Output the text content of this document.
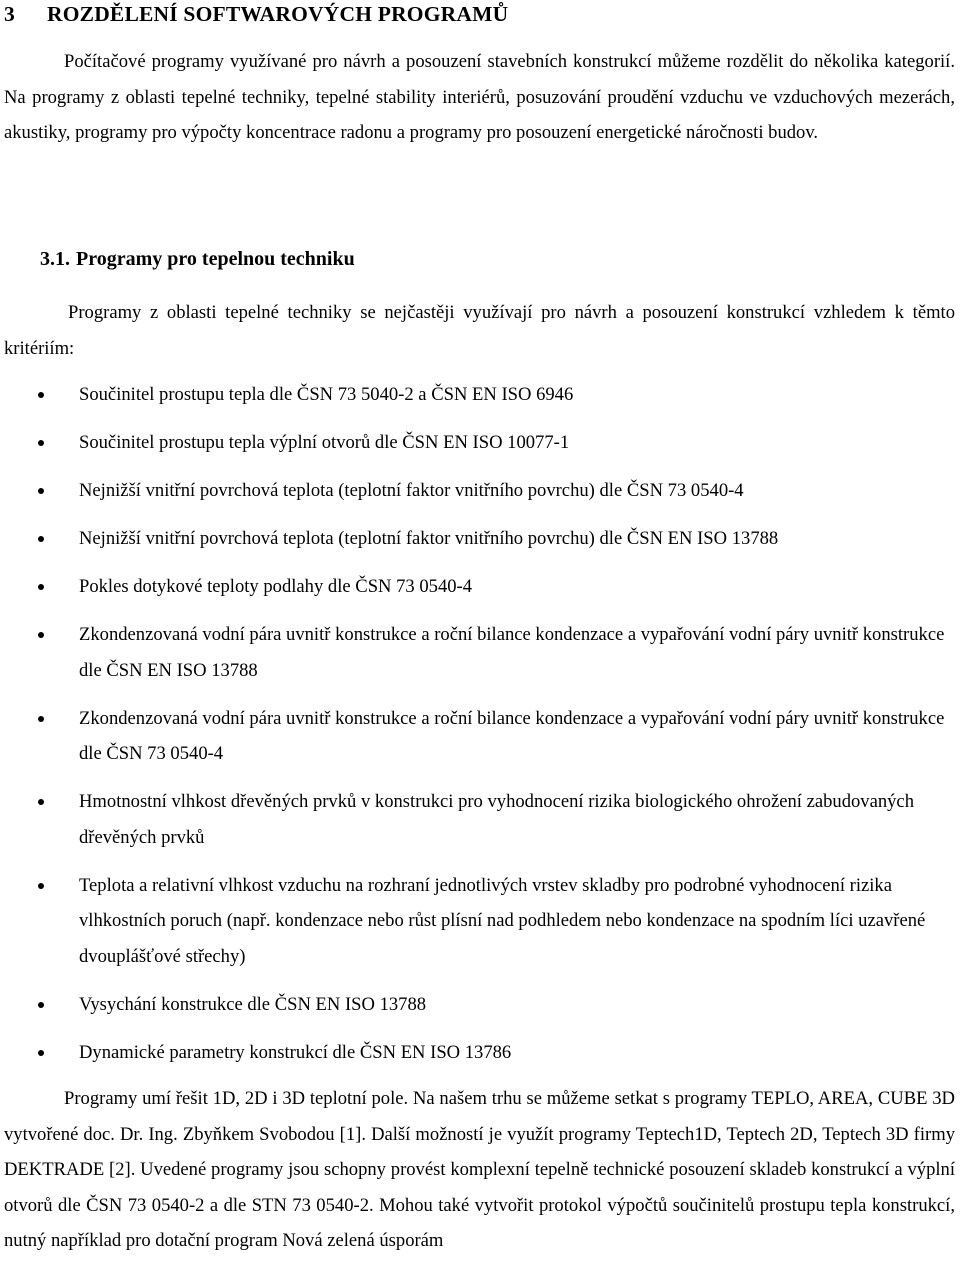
3 ROZDĚLENÍ SOFTWAROVÝCH PROGRAMŮ

Počítačové programy využívané pro návrh a posouzení stavebních konstrukcí můžeme rozdělit do několika kategorií. Na programy z oblasti tepelné techniky, tepelné stability interiérů, posuzování proudění vzduchu ve vzduchových mezerách, akustiky, programy pro výpočty koncentrace radonu a programy pro posouzení energetické náročnosti budov.

3.1. Programy pro tepelnou techniku

Programy z oblasti tepelné techniky se nejčastěji využívají pro návrh a posouzení konstrukcí vzhledem k těmto kritériím:

Součinitel prostupu tepla dle ČSN 73 5040-2 a ČSN EN ISO 6946
Součinitel prostupu tepla výplní otvorů dle ČSN EN ISO 10077-1
Nejnižší vnitřní povrchová teplota (teplotní faktor vnitřního povrchu) dle ČSN 73 0540-4
Nejnižší vnitřní povrchová teplota (teplotní faktor vnitřního povrchu) dle ČSN EN ISO 13788
Pokles dotykové teploty podlahy dle ČSN 73 0540-4
Zkondenzovaná vodní pára uvnitř konstrukce a roční bilance kondenzace a vypařování vodní páry uvnitř konstrukce dle ČSN EN ISO 13788
Zkondenzovaná vodní pára uvnitř konstrukce a roční bilance kondenzace a vypařování vodní páry uvnitř konstrukce dle ČSN 73 0540-4
Hmotnostní vlhkost dřevěných prvků v konstrukci pro vyhodnocení rizika biologického ohrožení zabudovaných dřevěných prvků
Teplota a relativní vlhkost vzduchu na rozhraní jednotlivých vrstev skladby pro podrobné vyhodnocení rizika vlhkostních poruch (např. kondenzace nebo růst plísní nad podhledem nebo kondenzace na spodním líci uzavřené dvouplášťové střechy)
Vysychání konstrukce dle ČSN EN ISO 13788
Dynamické parametry konstrukcí dle ČSN EN ISO 13786

Programy umí řešit 1D, 2D i 3D teplotní pole. Na našem trhu se můžeme setkat s programy TEPLO, AREA, CUBE 3D vytvořené doc. Dr. Ing. Zbyňkem Svobodou [1]. Další možností je využít programy Teptech1D, Teptech 2D, Teptech 3D firmy DEKTRADE [2]. Uvedené programy jsou schopny provést komplexní tepelně technické posouzení skladeb konstrukcí a výplní otvorů dle ČSN 73 0540-2 a dle STN 73 0540-2. Mohou také vytvořit protokol výpočtů součinitelů prostupu tepla konstrukcí, nutný například pro dotační program Nová zelená úsporám
